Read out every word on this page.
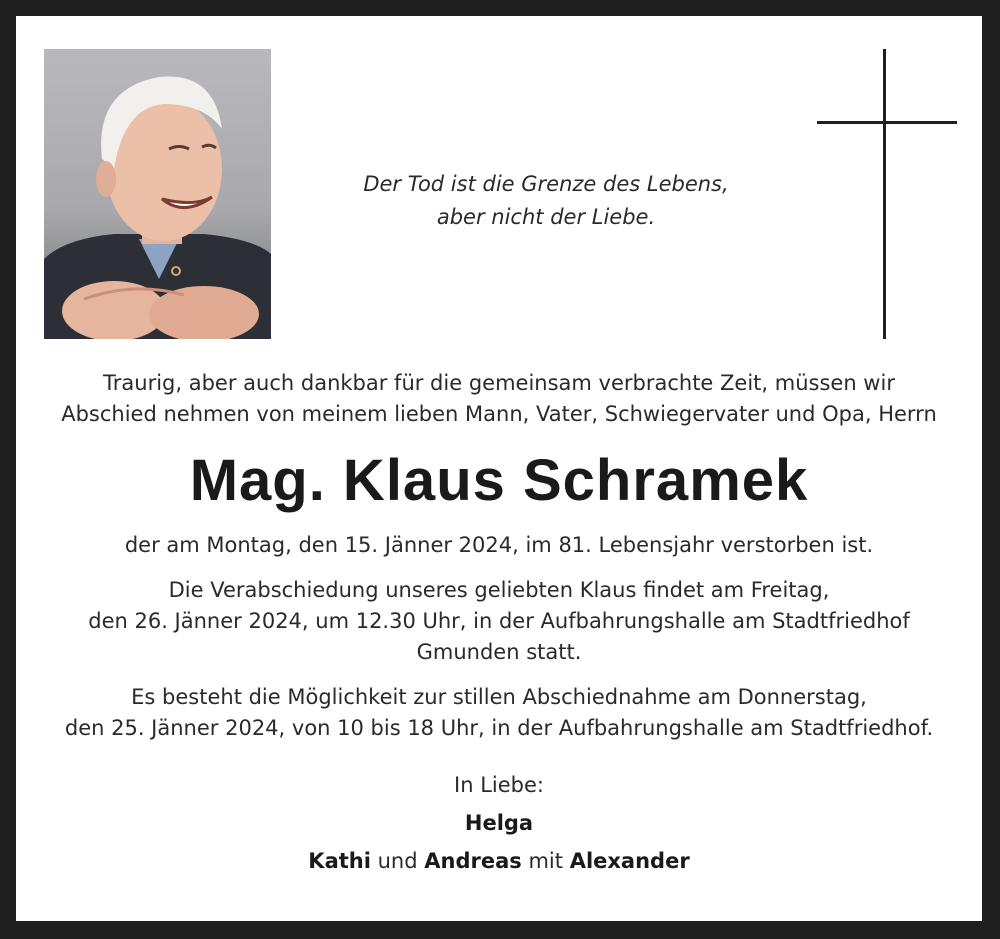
Der Tod ist die Grenze des Lebens,
aber nicht der Liebe.
Traurig, aber auch dankbar für die gemeinsam verbrachte Zeit, müssen wir
Abschied nehmen von meinem lieben Mann, Vater, Schwiegervater und Opa, Herrn
Mag. Klaus Schramek
der am Montag, den 15. Jänner 2024, im 81. Lebensjahr verstorben ist.
Die Verabschiedung unseres geliebten Klaus findet am Freitag,
den 26. Jänner 2024, um 12.30 Uhr, in der Aufbahrungshalle am Stadtfriedhof
Gmunden statt.
Es besteht die Möglichkeit zur stillen Abschiednahme am Donnerstag,
den 25. Jänner 2024, von 10 bis 18 Uhr, in der Aufbahrungshalle am Stadtfriedhof.
In Liebe:
Helga
Kathi und Andreas mit Alexander
